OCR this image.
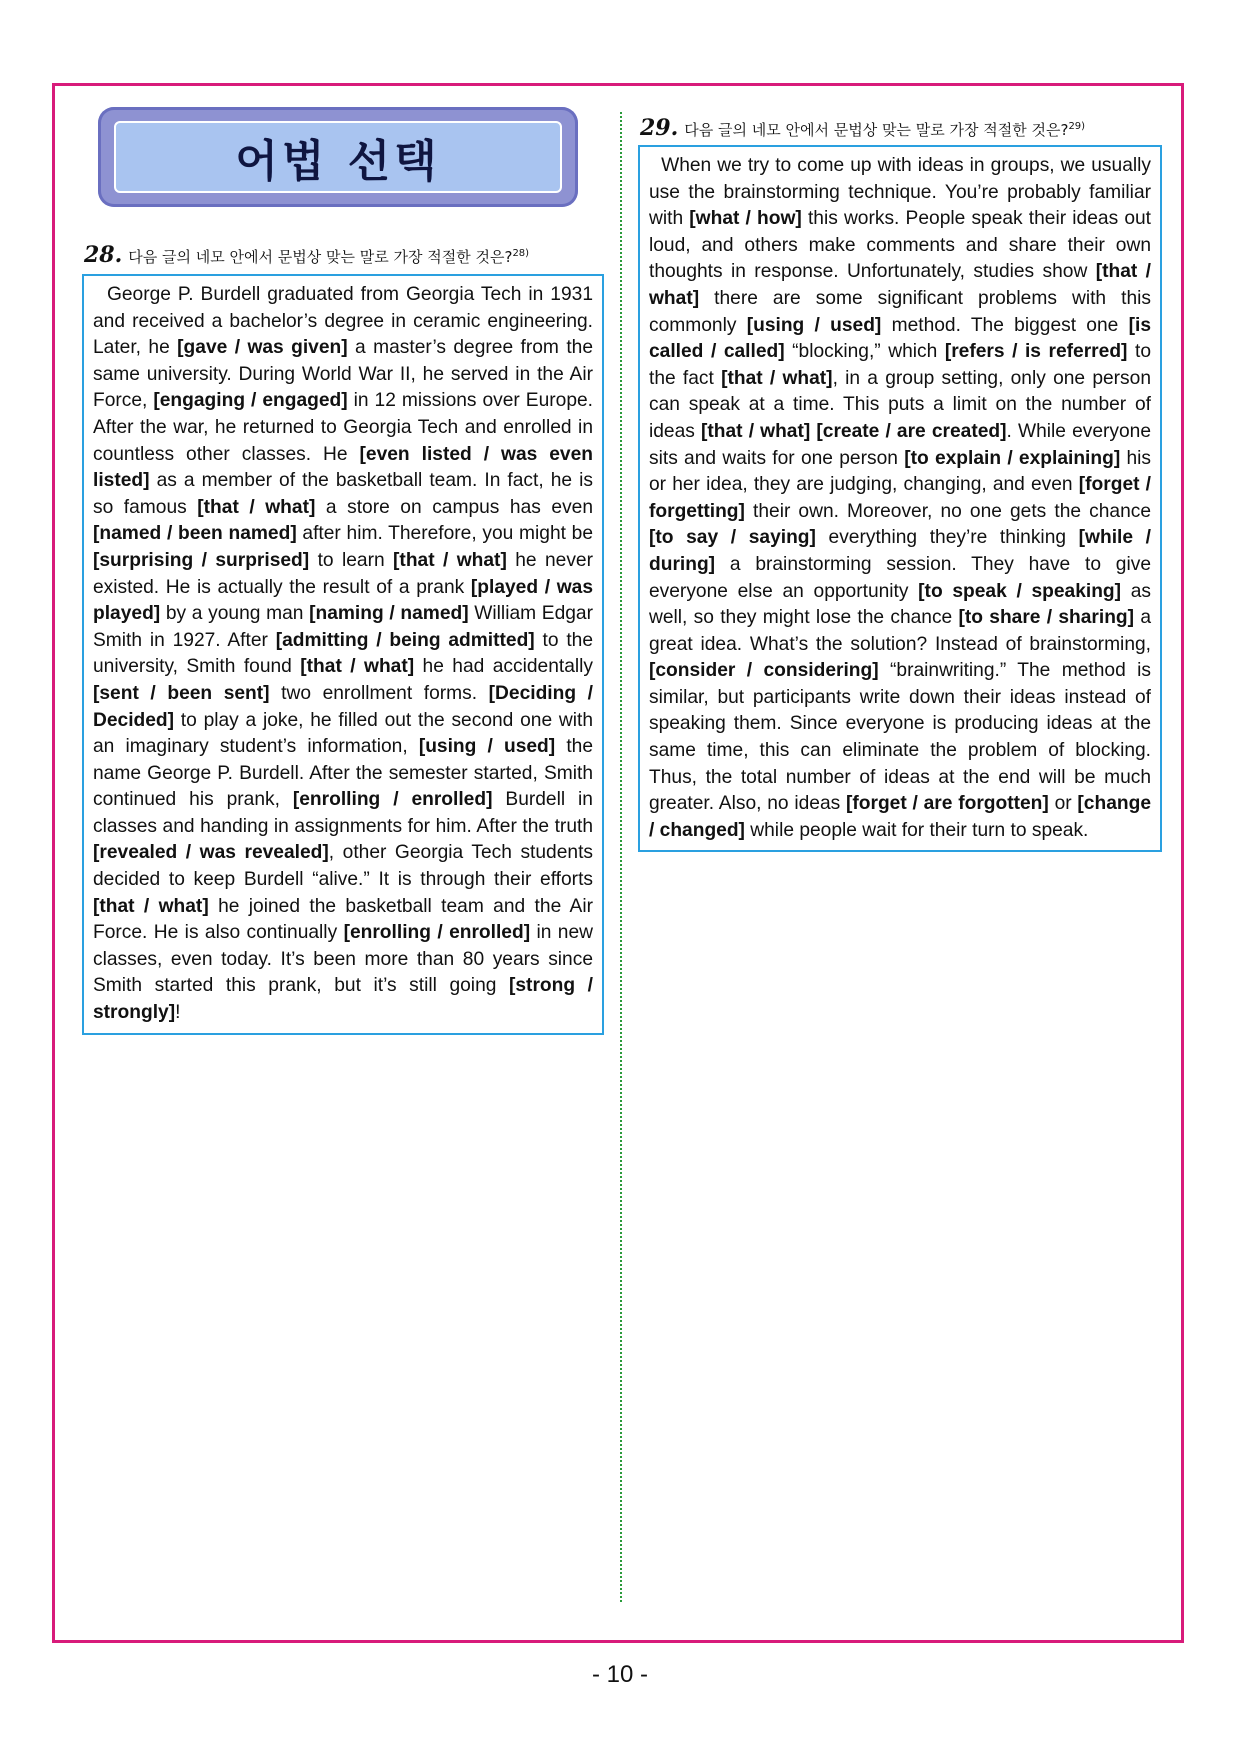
어법 선택
28. 다음 글의 네모 안에서 문법상 맞는 말로 가장 적절한 것은?$^{28)}$
George P. Burdell graduated from Georgia Tech in 1931 and received a bachelor’s degree in ceramic engineering. Later, he [gave / was given] a master’s degree from the same university. During World War II, he served in the Air Force, [engaging / engaged] in 12 missions over Europe. After the war, he returned to Georgia Tech and enrolled in countless other classes. He [even listed / was even listed] as a member of the basketball team. In fact, he is so famous [that / what] a store on campus has even [named / been named] after him. Therefore, you might be [surprising / surprised] to learn [that / what] he never existed. He is actually the result of a prank [played / was played] by a young man [naming / named] William Edgar Smith in 1927. After [admitting / being admitted] to the university, Smith found [that / what] he had accidentally [sent / been sent] two enrollment forms. [Deciding / Decided] to play a joke, he filled out the second one with an imaginary student’s information, [using / used] the name George P. Burdell. After the semester started, Smith continued his prank, [enrolling / enrolled] Burdell in classes and handing in assignments for him. After the truth [revealed / was revealed], other Georgia Tech students decided to keep Burdell “alive.” It is through their efforts [that / what] he joined the basketball team and the Air Force. He is also continually [enrolling / enrolled] in new classes, even today. It’s been more than 80 years since Smith started this prank, but it’s still going [strong / strongly]!
29. 다음 글의 네모 안에서 문법상 맞는 말로 가장 적절한 것은?$^{29)}$
When we try to come up with ideas in groups, we usually use the brainstorming technique. You’re probably familiar with [what / how] this works. People speak their ideas out loud, and others make comments and share their own thoughts in response. Unfortunately, studies show [that / what] there are some significant problems with this commonly [using / used] method. The biggest one [is called / called] “blocking,” which [refers / is referred] to the fact [that / what], in a group setting, only one person can speak at a time. This puts a limit on the number of ideas [that / what] [create / are created]. While everyone sits and waits for one person [to explain / explaining] his or her idea, they are judging, changing, and even [forget / forgetting] their own. Moreover, no one gets the chance [to say / saying] everything they’re thinking [while / during] a brainstorming session. They have to give everyone else an opportunity [to speak / speaking] as well, so they might lose the chance [to share / sharing] a great idea. What’s the solution? Instead of brainstorming, [consider / considering] “brainwriting.” The method is similar, but participants write down their ideas instead of speaking them. Since everyone is producing ideas at the same time, this can eliminate the problem of blocking. Thus, the total number of ideas at the end will be much greater. Also, no ideas [forget / are forgotten] or [change / changed] while people wait for their turn to speak.
- 10 -
